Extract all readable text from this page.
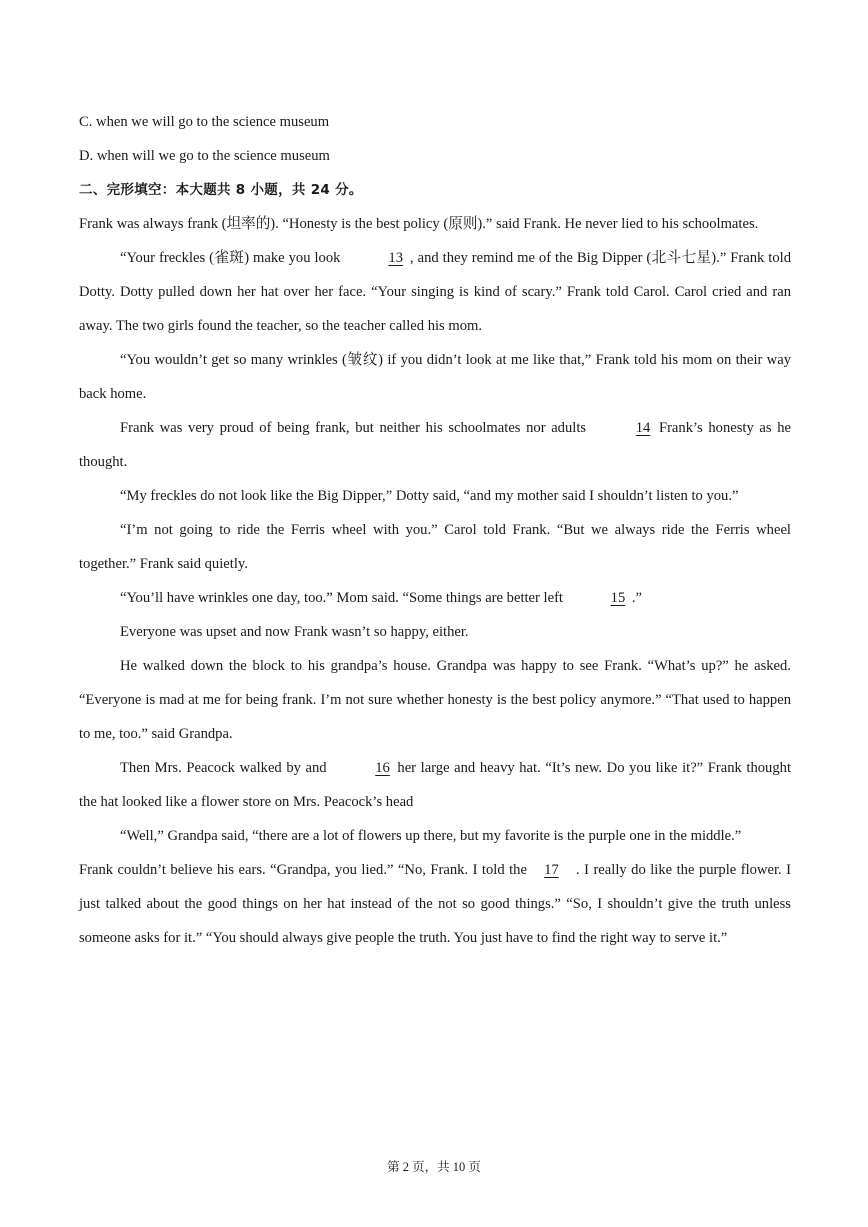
C. when we will go to the science museum

D. when will we go to the science museum

二、完形填空：本大题共 8 小题，共 24 分。

Frank was always frank (坦率的). “Honesty is the best policy (原则).” said Frank. He never lied to his schoolmates.

“Your freckles (雀斑) make you look	13 , and they remind me of the Big Dipper (北斗七星).” Frank told Dotty. Dotty pulled down her hat over her face. “Your singing is kind of scary.” Frank told Carol. Carol cried and ran away. The two girls found the teacher, so the teacher called his mom.

“You wouldn’t get so many wrinkles (皱纹) if you didn’t look at me like that,” Frank told his mom on their way back home.

Frank was very proud of being frank, but neither his schoolmates nor adults	14 Frank’s honesty as he thought.

“My freckles do not look like the Big Dipper,” Dotty said, “and my mother said I shouldn’t listen to you.”

“I’m not going to ride the Ferris wheel with you.” Carol told Frank. “But we always ride the Ferris wheel together.” Frank said quietly.

“You’ll have wrinkles one day, too.” Mom said. “Some things are better left	15 .”

Everyone was upset and now Frank wasn’t so happy, either.

He walked down the block to his grandpa’s house. Grandpa was happy to see Frank. “What’s up?” he asked. “Everyone is mad at me for being frank. I’m not sure whether honesty is the best policy anymore.” “That used to happen to me, too.” said Grandpa.

Then Mrs. Peacock walked by and	16 her large and heavy hat. “It’s new. Do you like it?” Frank thought the hat looked like a flower store on Mrs. Peacock’s head

“Well,” Grandpa said, “there are a lot of flowers up there, but my favorite is the purple one in the middle.”

Frank couldn’t believe his ears. “Grandpa, you lied.” “No, Frank. I told the 17 . I really do like the purple flower. I just talked about the good things on her hat instead of the not so good things.” “So, I shouldn’t give the truth unless someone asks for it.” “You should always give people the truth. You just have to find the right way to serve it.”

第 2 页，共 10 页
